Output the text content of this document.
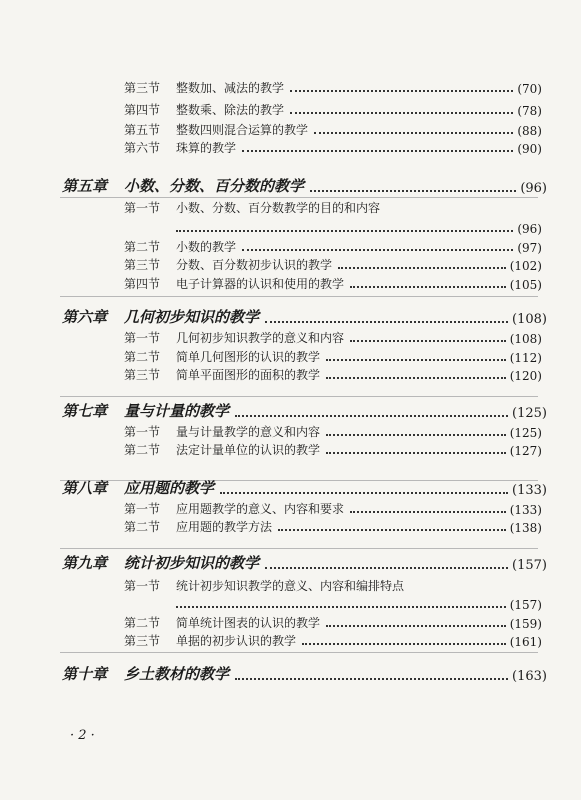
第三节	整数加、减法的教学	(70)
第四节	整数乘、除法的教学	(78)
第五节	整数四则混合运算的教学	(88)
第六节	珠算的教学	(90)
第五章	小数、分数、百分数的教学	(96)
第一节	小数、分数、百分数教学的目的和内容
(96)
第二节	小数的教学	(97)
第三节	分数、百分数初步认识的教学	(102)
第四节	电子计算器的认识和使用的教学	(105)
第六章	几何初步知识的教学	(108)
第一节	几何初步知识教学的意义和内容	(108)
第二节	简单几何图形的认识的教学	(112)
第三节	简单平面图形的面积的教学	(120)
第七章	量与计量的教学	(125)
第一节	量与计量教学的意义和内容	(125)
第二节	法定计量单位的认识的教学	(127)
第八章	应用题的教学	(133)
第一节	应用题教学的意义、内容和要求	(133)
第二节	应用题的教学方法	(138)
第九章	统计初步知识的教学	(157)
第一节	统计初步知识教学的意义、内容和编排特点
(157)
第二节	简单统计图表的认识的教学	(159)
第三节	单据的初步认识的教学	(161)
第十章	乡土教材的教学	(163)
· 2 ·
